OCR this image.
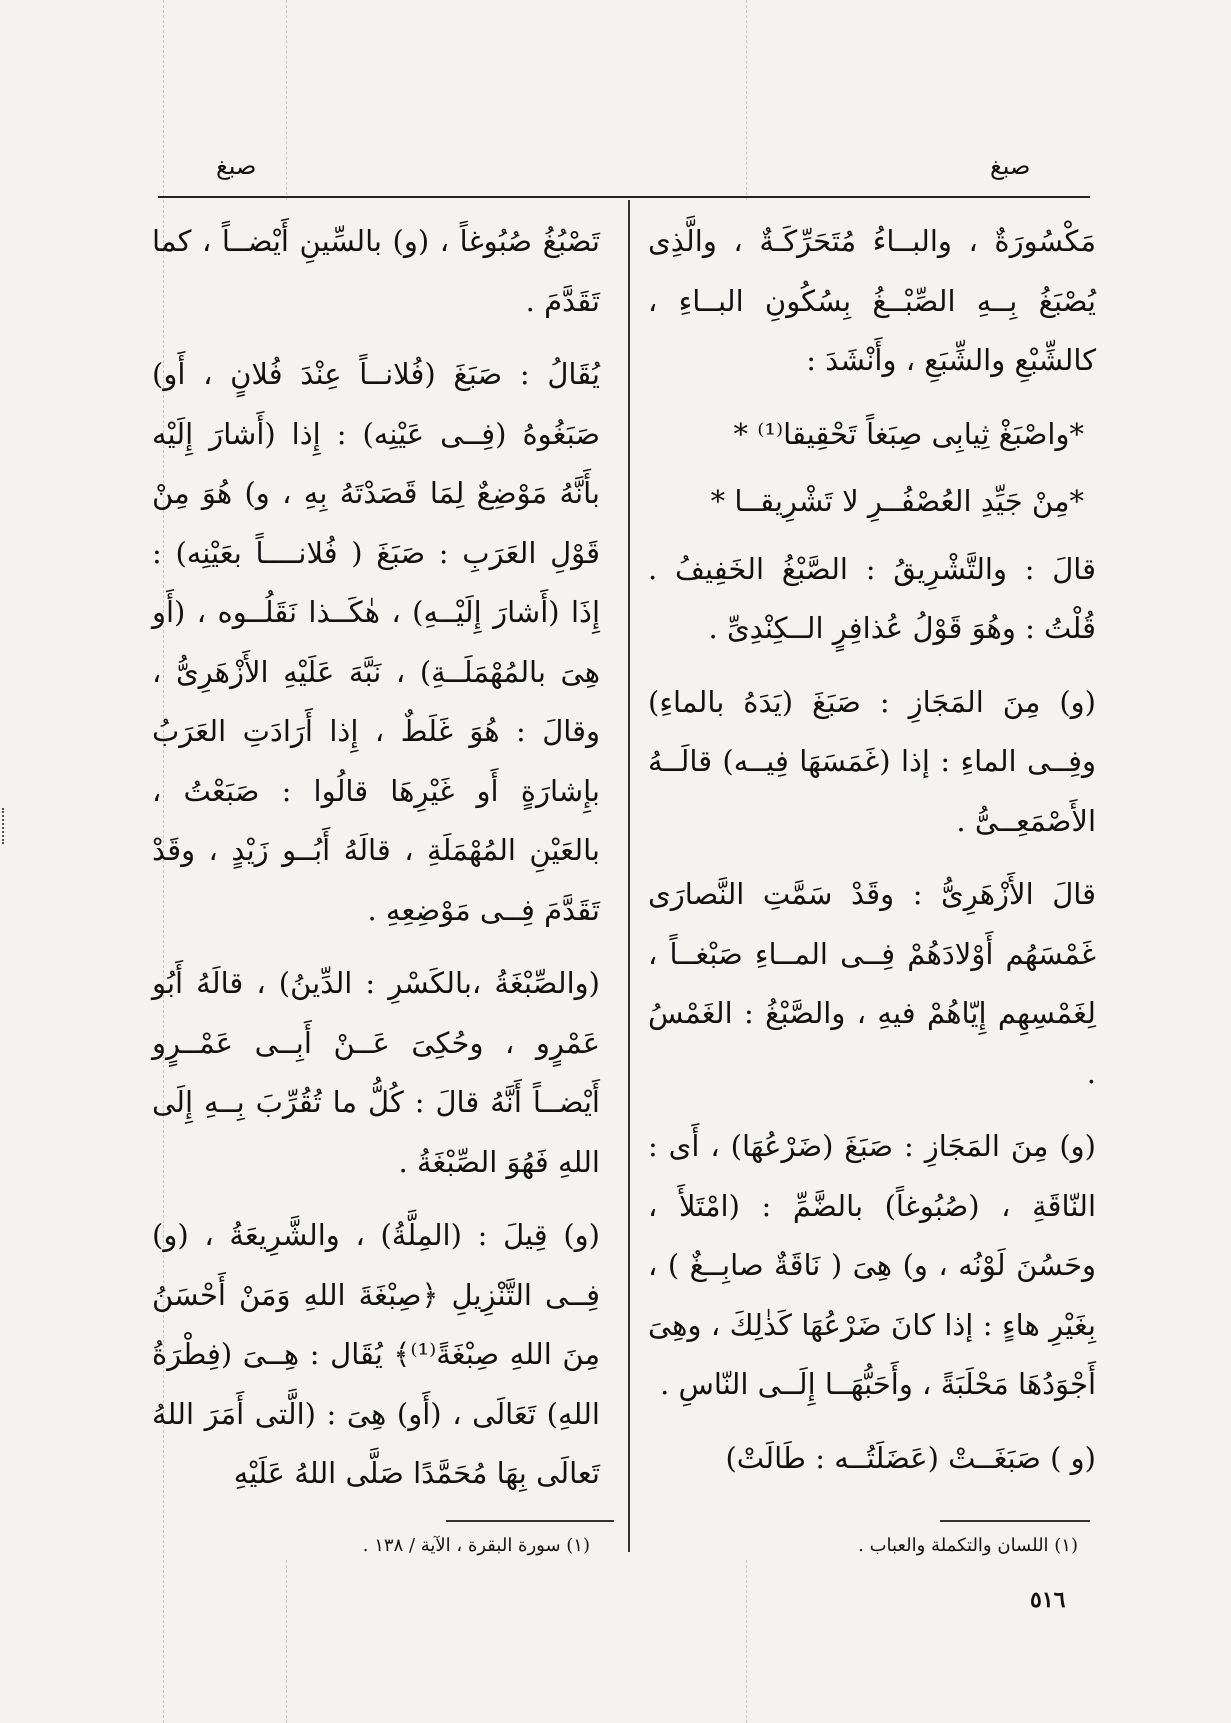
صبغ
صبغ

مَكْسُورَةٌ ، والبــاءُ مُتَحَرِّكَـةٌ ، والَّذِى يُصْبَغُ بِــهِ الصِّبْــغُ بِسُكُونِ البــاءِ ، كالشِّبْعِ والشِّبَعِ ، وأَنْشَدَ :

*واصْبَغْ ثِيابِى صِبَغاً تَحْقِيقا⁽¹⁾ *

*مِنْ جَيِّدِ العُصْفُــرِ لا تَشْرِيقــا *

قالَ : والتَّشْرِيقُ : الصَّبْغُ الخَفِيفُ . قُلْتُ : وهُوَ قَوْلُ عُذافِرٍ الــكِنْدِىِّ .

(و) مِنَ المَجَازِ : صَبَغَ (يَدَهُ بالماءِ) وفِــى الماءِ : إذا (غَمَسَهَا فِيــه) قالَــهُ الأَصْمَعِــىُّ .

قالَ الأَزْهَرِىُّ : وقَدْ سَمَّتِ النَّصارَى غَمْسَهُم أَوْلادَهُمْ فِــى المــاءِ صَبْغــاً ، لِغَمْسِهِم إِيّاهُمْ فيهِ ، والصَّبْغُ : الغَمْسُ .

(و) مِنَ المَجَازِ : صَبَغَ (ضَرْعُهَا) ، أَى : النّاقَةِ ، (صُبُوغاً) بالضَّمِّ : (امْتَلأَ ، وحَسُنَ لَوْنُه ، و) هِىَ ( نَاقَةٌ صابِــغٌ ) ، بِغَيْرِ هاءٍ : إذا كانَ ضَرْعُهَا كَذٰلِكَ ، وهِىَ أَجْوَدُهَا مَحْلَبَةً ، وأَحَبُّهَــا إِلَــى النّاسِ .

(و ) صَبَغَــتْ (عَضَلَتُــه : طَالَتْ)

تَصْبُغُ صُبُوغاً ، (و) بالسِّينِ أَيْضــاً ، كما تَقَدَّمَ .

يُقَالُ : صَبَغَ (فُلانــاً عِنْدَ فُلانٍ ، أَو) صَبَغُوهُ (فِــى عَيْنِه) : إِذا (أَشارَ إِلَيْه بأَنَّهُ مَوْضِعٌ لِمَا قَصَدْتَهُ بِهِ ، و) هُوَ مِنْ قَوْلِ العَرَبِ : صَبَغَ ( فُلانــــاً بعَيْنِه) : إِذَا (أَشارَ إِلَيْــهِ) ، هٰكَــذا نَقَلُــوه ، (أَو هِىَ بالمُهْمَلَــةِ) ، نَبَّهَ عَلَيْهِ الأَزْهَرِىُّ ، وقالَ : هُوَ غَلَطٌ ، إِذا أَرَادَتِ العَرَبُ بإِشارَةٍ أَو غَيْرِهَا قالُوا : صَبَعْتُ ، بالعَيْنِ المُهْمَلَةِ ، قالَهُ أَبُــو زَيْدٍ ، وقَدْ تَقَدَّمَ فِــى مَوْضِعِهِ .

(والصِّبْغَةُ ،بالكَسْرِ : الدِّينُ) ، قالَهُ أَبُو عَمْرٍو ، وحُكِىَ عَــنْ أَبِــى عَمْــرٍو أَيْضــاً أَنَّهُ قالَ : كُلُّ ما تُقُرِّبَ بِــهِ إِلَى اللهِ فَهُوَ الصِّبْغَةُ .

(و) قِيلَ : (المِلَّةُ) ، والشَّرِيعَةُ ، (و) فِــى التَّنْزِيلِ ﴿صِبْغَةَ اللهِ وَمَنْ أَحْسَنُ مِنَ اللهِ صِبْغَةً⁽¹⁾﴾ يُقَال : هِــىَ (فِطْرَةُ اللهِ) تَعَالَى ، (أَو) هِىَ : (الَّتى أَمَرَ اللهُ تَعالَى بِهَا مُحَمَّدًا صَلَّى اللهُ عَلَيْهِ

(١) اللسان والتكملة والعباب .
(١) سورة البقرة ، الآية / ١٣٨ .
٥١٦
